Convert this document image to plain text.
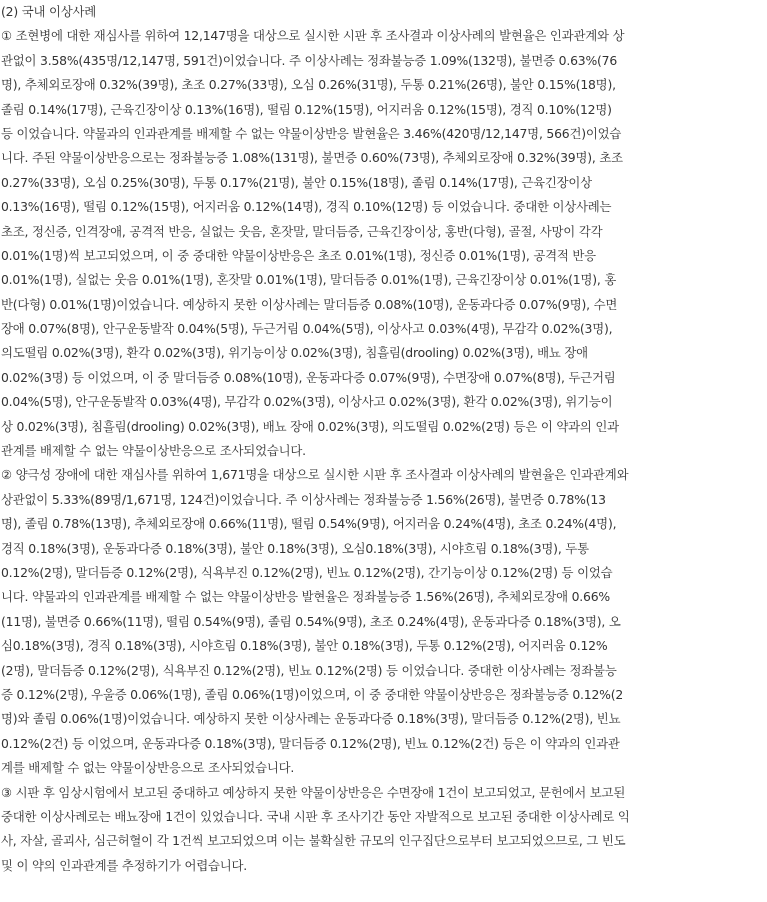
(2) 국내 이상사례
① 조현병에 대한 재심사를 위하여 12,147명을 대상으로 실시한 시판 후 조사결과 이상사례의 발현율은 인과관계와 상
관없이 3.58%(435명/12,147명, 591건)이었습니다. 주 이상사례는 정좌불능증 1.09%(132명), 불면증 0.63%(76
명), 추체외로장애 0.32%(39명), 초조 0.27%(33명), 오심 0.26%(31명), 두통 0.21%(26명), 불안 0.15%(18명),
졸림 0.14%(17명), 근육긴장이상 0.13%(16명), 떨림 0.12%(15명), 어지러움 0.12%(15명), 경직 0.10%(12명)
등 이었습니다. 약물과의 인과관계를 배제할 수 없는 약물이상반응 발현율은 3.46%(420명/12,147명, 566건)이었습
니다. 주된 약물이상반응으로는 정좌불능증 1.08%(131명), 불면증 0.60%(73명), 추체외로장애 0.32%(39명), 초조
0.27%(33명), 오심 0.25%(30명), 두통 0.17%(21명), 불안 0.15%(18명), 졸림 0.14%(17명), 근육긴장이상
0.13%(16명), 떨림 0.12%(15명), 어지러움 0.12%(14명), 경직 0.10%(12명) 등 이었습니다. 중대한 이상사례는
초조, 정신증, 인격장애, 공격적 반응, 실없는 웃음, 혼잣말, 말더듬증, 근육긴장이상, 홍반(다형), 골절, 사망이 각각
0.01%(1명)씩 보고되었으며, 이 중 중대한 약물이상반응은 초조 0.01%(1명), 정신증 0.01%(1명), 공격적 반응
0.01%(1명), 실없는 웃음 0.01%(1명), 혼잣말 0.01%(1명), 말더듬증 0.01%(1명), 근육긴장이상 0.01%(1명), 홍
반(다형) 0.01%(1명)이었습니다. 예상하지 못한 이상사례는 말더듬증 0.08%(10명), 운동과다증 0.07%(9명), 수면
장애 0.07%(8명), 안구운동발작 0.04%(5명), 두근거림 0.04%(5명), 이상사고 0.03%(4명), 무감각 0.02%(3명),
의도떨림 0.02%(3명), 환각 0.02%(3명), 위기능이상 0.02%(3명), 침흘림(drooling) 0.02%(3명), 배뇨 장애
0.02%(3명) 등 이었으며, 이 중 말더듬증 0.08%(10명), 운동과다증 0.07%(9명), 수면장애 0.07%(8명), 두근거림
0.04%(5명), 안구운동발작 0.03%(4명), 무감각 0.02%(3명), 이상사고 0.02%(3명), 환각 0.02%(3명), 위기능이
상 0.02%(3명), 침흘림(drooling) 0.02%(3명), 배뇨 장애 0.02%(3명), 의도떨림 0.02%(2명) 등은 이 약과의 인과
관계를 배제할 수 없는 약물이상반응으로 조사되었습니다.
② 양극성 장애에 대한 재심사를 위하여 1,671명을 대상으로 실시한 시판 후 조사결과 이상사례의 발현율은 인과관계와
상관없이 5.33%(89명/1,671명, 124건)이었습니다. 주 이상사례는 정좌불능증 1.56%(26명), 불면증 0.78%(13
명), 졸림 0.78%(13명), 추체외로장애 0.66%(11명), 떨림 0.54%(9명), 어지러움 0.24%(4명), 초조 0.24%(4명),
경직 0.18%(3명), 운동과다증 0.18%(3명), 불안 0.18%(3명), 오심0.18%(3명), 시야흐림 0.18%(3명), 두통
0.12%(2명), 말더듬증 0.12%(2명), 식욕부진 0.12%(2명), 빈뇨 0.12%(2명), 간기능이상 0.12%(2명) 등 이었습
니다. 약물과의 인과관계를 배제할 수 없는 약물이상반응 발현율은 정좌불능증 1.56%(26명), 추체외로장애 0.66%
(11명), 불면증 0.66%(11명), 떨림 0.54%(9명), 졸림 0.54%(9명), 초조 0.24%(4명), 운동과다증 0.18%(3명), 오
심0.18%(3명), 경직 0.18%(3명), 시야흐림 0.18%(3명), 불안 0.18%(3명), 두통 0.12%(2명), 어지러움 0.12%
(2명), 말더듬증 0.12%(2명), 식욕부진 0.12%(2명), 빈뇨 0.12%(2명) 등 이었습니다. 중대한 이상사례는 정좌불능
증 0.12%(2명), 우울증 0.06%(1명), 졸림 0.06%(1명)이었으며, 이 중 중대한 약물이상반응은 정좌불능증 0.12%(2
명)와 졸림 0.06%(1명)이었습니다. 예상하지 못한 이상사례는 운동과다증 0.18%(3명), 말더듬증 0.12%(2명), 빈뇨
0.12%(2건) 등 이었으며, 운동과다증 0.18%(3명), 말더듬증 0.12%(2명), 빈뇨 0.12%(2건) 등은 이 약과의 인과관
계를 배제할 수 없는 약물이상반응으로 조사되었습니다.
③ 시판 후 임상시험에서 보고된 중대하고 예상하지 못한 약물이상반응은 수면장애 1건이 보고되었고, 문헌에서 보고된
중대한 이상사례로는 배뇨장애 1건이 있었습니다. 국내 시판 후 조사기간 동안 자발적으로 보고된 중대한 이상사례로 익
사, 자살, 골괴사, 심근허혈이 각 1건씩 보고되었으며 이는 불확실한 규모의 인구집단으로부터 보고되었으므로, 그 빈도
및 이 약의 인과관계를 추정하기가 어렵습니다.
